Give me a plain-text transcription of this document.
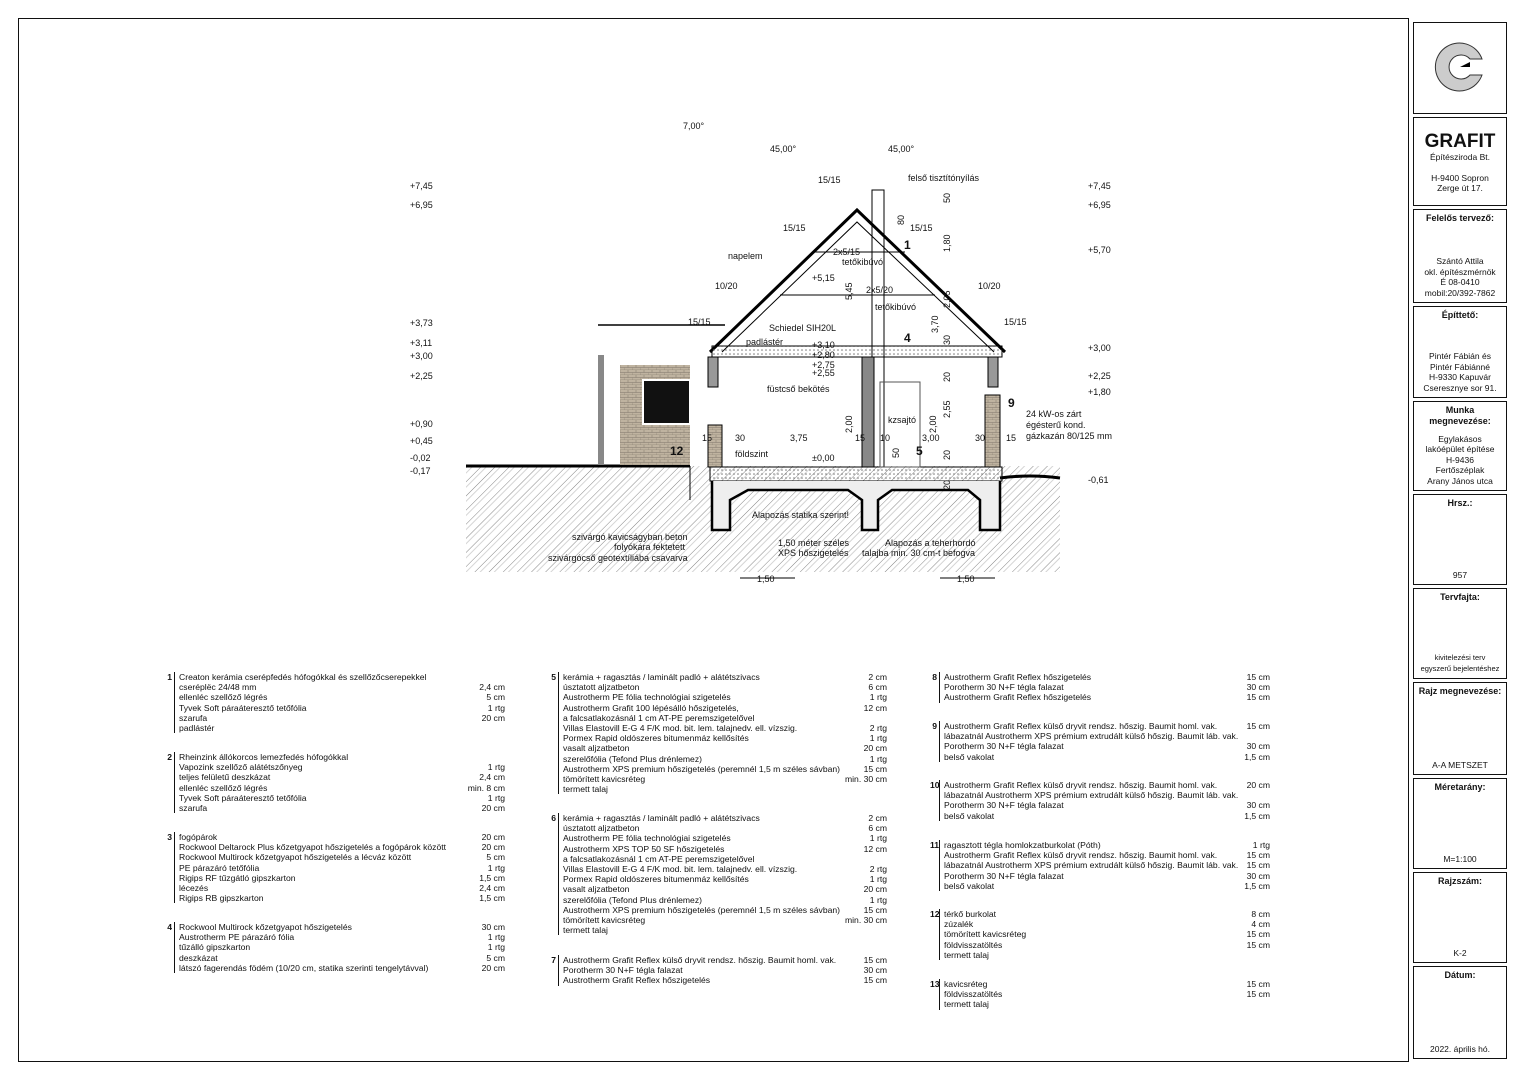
7,00°
45,00°	45,00°
+7,45
+6,95
+3,73
+3,11
+3,00
+2,25
+0,90
+0,45
-0,02
-0,17
+7,45
+6,95
+5,70
+3,00
+2,25
+1,80
-0,61
+5,15
+3,10
+2,80
+2,75
+2,55
±0,00
napelem
felső tisztítónyílás
tetőkibúvó
tetőkibúvó
Schiedel SIH20L
padlástér
füstcső bekötés
kzsajtó
földszint
Alapozás statika szerint!
24 kW-os zárt
égésterű kond.
gázkazán 80/125 mm
szivárgó kavicságyban beton
folyókára fektetett
szivárgócső geotextíliába csavarva
1,50 méter széles
XPS hőszigetelés
Alapozás a teherhordó
talajba min. 30 cm-t befogva
15/15
15/15	15/15
2x5/15
2x5/20
10/20	10/20
15/15	15/15
15	30	3,75	15 10	3,00	30 15
1,50	1,50
5,45
3,70
2,05
1,80
50
80
30
20
2,55
2,00	2,00
50	20
20
1
4
9
5
12
GRAFIT
Építésziroda Bt.
H-9400 Sopron
Zerge út 17.
Felelős tervező:
Szántó Attila
okl. építészmérnök
É 08-0410
mobil:20/392-7862
Építtető:
Pintér Fábián és
Pintér Fábiánné
H-9330 Kapuvár
Cseresznye sor 91.
Munka megnevezése:
Egylakásos
lakóépület építése
H-9436
Fertőszéplak
Arany János utca
Hrsz.:
957
Tervfajta:
kivitelezési terv
egyszerű bejelentéshez
Rajz megnevezése:
A-A METSZET
Méretarány:
M=1:100
Rajzszám:
K-2
Dátum:
2022. április hó.
1 Creaton kerámia cserépfedés hófogókkal és szellőzőcserepekkel
cseréplëc 24/48 mm	2,4 cm
ellenléc szellőző légrés	5 cm
Tyvek Soft páraáteresztő tetőfólia	1 rtg
szarufa	20 cm
padlástér
2 Rheinzink állókorcos lemezfedés hófogókkal
Vapozink szellőző alátétszőnyeg	1 rtg
teljes felületű deszkázat	2,4 cm
ellenléc szellőző légrés	min. 8 cm
Tyvek Soft páraáteresztő tetőfólia	1 rtg
szarufa	20 cm
3 fogópárok	20 cm
Rockwool Deltarock Plus kőzetgyapot hőszigetelés a fogópárok között	20 cm
Rockwool Multirock kőzetgyapot hőszigetelés a lécváz között	5 cm
PE párazáró tetőfólia	1 rtg
Rigips RF tűzgátló gipszkarton	1,5 cm
lécezés	2,4 cm
Rigips RB gipszkarton	1,5 cm
4 Rockwool Multirock kőzetgyapot hőszigetelés	30 cm
Austrotherm PE párazáró fólia	1 rtg
tűzálló gipszkarton	1 rtg
deszkázat	5 cm
látszó fagerendás födém (10/20 cm, statika szerinti tengelytávval)	20 cm
5 kerámia + ragasztás / laminált padló + alátétszivacs	2 cm
úsztatott aljzatbeton	6 cm
Austrotherm PE fólia technológiai szigetelés	1 rtg
Austrotherm Grafit 100 lépésálló hőszigetelés,	12 cm
a falcsatlakozásnál 1 cm AT-PE peremszigetelővel
Villas Elastovill E-G 4 F/K mod. bit. lem. talajnedv. ell. vízszig.	2 rtg
Pormex Rapid oldószeres bitumenmáz kellősítés	1 rtg
vasalt aljzatbeton	20 cm
szerelőfólia (Tefond Plus drénlemez)	1 rtg
Austrotherm XPS premium hőszigetelés (peremnél 1,5 m széles sávban)	15 cm
tömörített kavicsréteg	min. 30 cm
termett talaj
6 kerámia + ragasztás / laminált padló + alátétszivacs	2 cm
úsztatott aljzatbeton	6 cm
Austrotherm PE fólia technológiai szigetelés	1 rtg
Austrotherm XPS TOP 50 SF hőszigetelés	12 cm
a falcsatlakozásnál 1 cm AT-PE peremszigetelővel
Villas Elastovill E-G 4 F/K mod. bit. lem. talajnedv. ell. vízszig.	2 rtg
Pormex Rapid oldószeres bitumenmáz kellősítés	1 rtg
vasalt aljzatbeton	20 cm
szerelőfólia (Tefond Plus drénlemez)	1 rtg
Austrotherm XPS premium hőszigetelés (peremnél 1,5 m széles sávban)	15 cm
tömörített kavicsréteg	min. 30 cm
termett talaj
7 Austrotherm Grafit Reflex külső dryvit rendsz. hőszig. Baumit homl. vak.	15 cm
Porotherm 30 N+F tégla falazat	30 cm
Austrotherm Grafit Reflex hőszigetelés	15 cm
8 Austrotherm Grafit Reflex hőszigetelés	15 cm
Porotherm 30 N+F tégla falazat	30 cm
Austrotherm Grafit Reflex hőszigetelés	15 cm
9 Austrotherm Grafit Reflex külső dryvit rendsz. hőszig. Baumit homl. vak.	15 cm
lábazatnál Austrotherm XPS prémium extrudált külső hőszig. Baumit láb. vak.
Porotherm 30 N+F tégla falazat	30 cm
belső vakolat	1,5 cm
10 Austrotherm Grafit Reflex külső dryvit rendsz. hőszig. Baumit homl. vak.	20 cm
lábazatnál Austrotherm XPS prémium extrudált külső hőszig. Baumit láb. vak.
Porotherm 30 N+F tégla falazat	30 cm
belső vakolat	1,5 cm
11 ragasztott tégla homlokzatburkolat (Póth)	1 rtg
Austrotherm Grafit Reflex külső dryvit rendsz. hőszig. Baumit homl. vak.	15 cm
lábazatnál Austrotherm XPS prémium extrudált külső hőszig. Baumit láb. vak. 15 cm
Porotherm 30 N+F tégla falazat	30 cm
belső vakolat	1,5 cm
12 térkő burkolat	8 cm
zúzalék	4 cm
tömörített kavicsréteg	15 cm
földvisszatöltés	15 cm
termett talaj
13 kavicsréteg	15 cm
földvisszatöltés	15 cm
termett talaj
